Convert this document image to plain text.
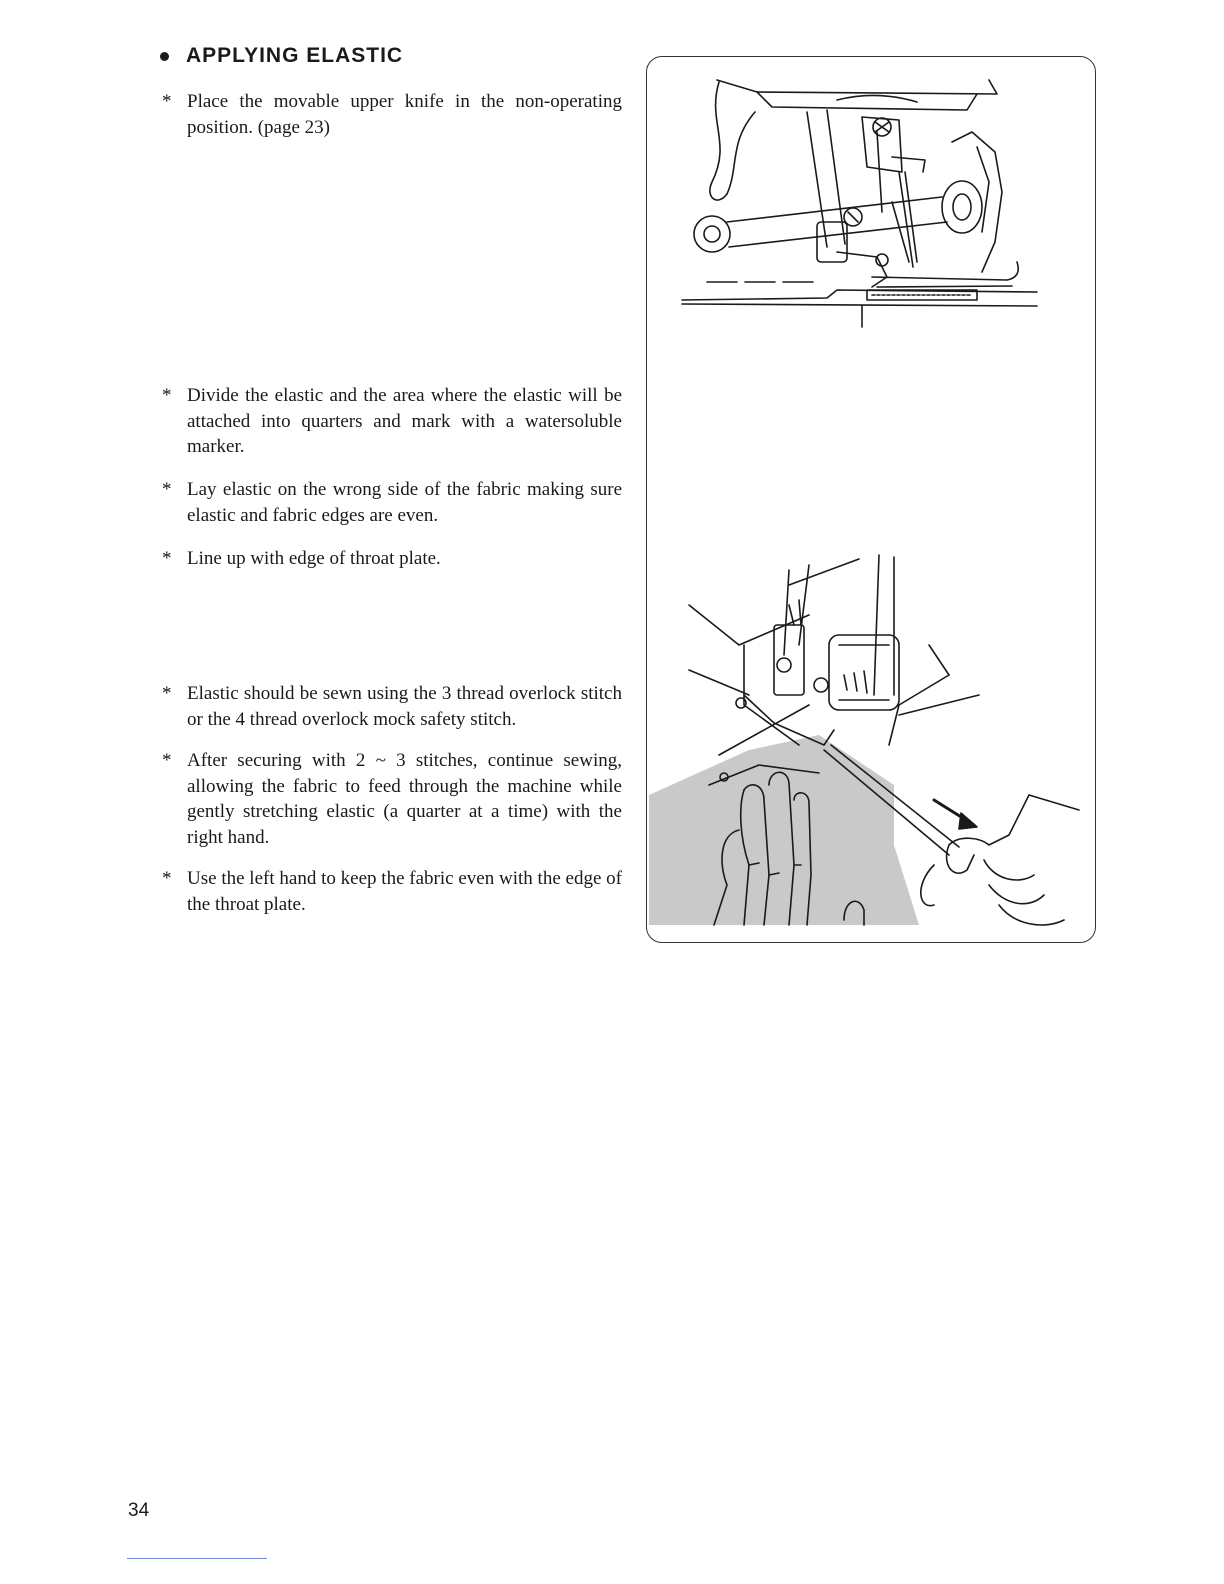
APPLYING ELASTIC
* Place the movable upper knife in the non-operating position. (page 23)
* Divide the elastic and the area where the elastic will be attached into quarters and mark with a watersoluble marker.
* Lay elastic on the wrong side of the fabric making sure elastic and fabric edges are even.
* Line up with edge of throat plate.
* Elastic should be sewn using the 3 thread overlock stitch or the 4 thread overlock mock safety stitch.
* After securing with 2 ~ 3 stitches, continue sewing, allowing the fabric to feed through the machine while gently stretching elastic (a quarter at a time) with the right hand.
* Use the left hand to keep the fabric even with the edge of the throat plate.
34
